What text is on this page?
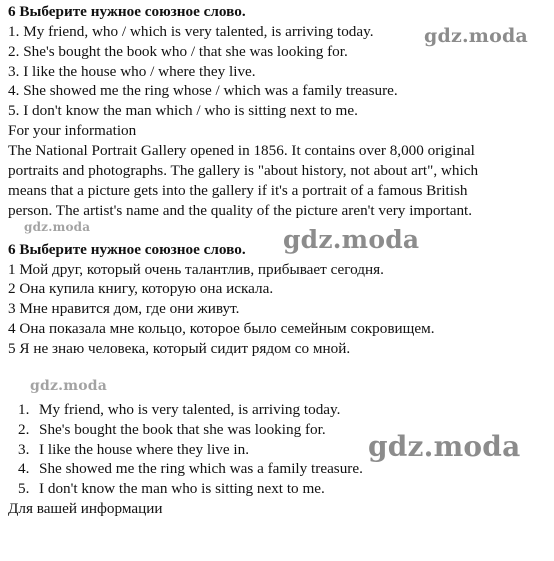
6 Выберите нужное союзное слово.
1. My friend, who / which is very talented, is arriving today.
2. She's bought the book who / that she was looking for.
3. I like the house who / where they live.
4. She showed me the ring whose / which was a family treasure.
5. I don't know the man which / who is sitting next to me.
For your information
The National Portrait Gallery opened in 1856. It contains over 8,000 original
portraits and photographs. The gallery is "about history, not about art", which
means that a picture gets into the gallery if it's a portrait of a famous British
person. The artist's name and the quality of the picture aren't very important.
6 Выберите нужное союзное слово.
1 Мой друг, который очень талантлив, прибывает сегодня.
2 Она купила книгу, которую она искала.
3 Мне нравится дом, где они живут.
4 Она показала мне кольцо, которое было семейным сокровищем.
5 Я не знаю человека, который сидит рядом со мной.
1. My friend, who is very talented, is arriving today.
2. She's bought the book that she was looking for.
3. I like the house where they live in.
4. She showed me the ring which was a family treasure.
5. I don't know the man who is sitting next to me.
Для вашей информации
gdz.moda
gdz.moda
gdz.moda
gdz.moda
gdz.moda
